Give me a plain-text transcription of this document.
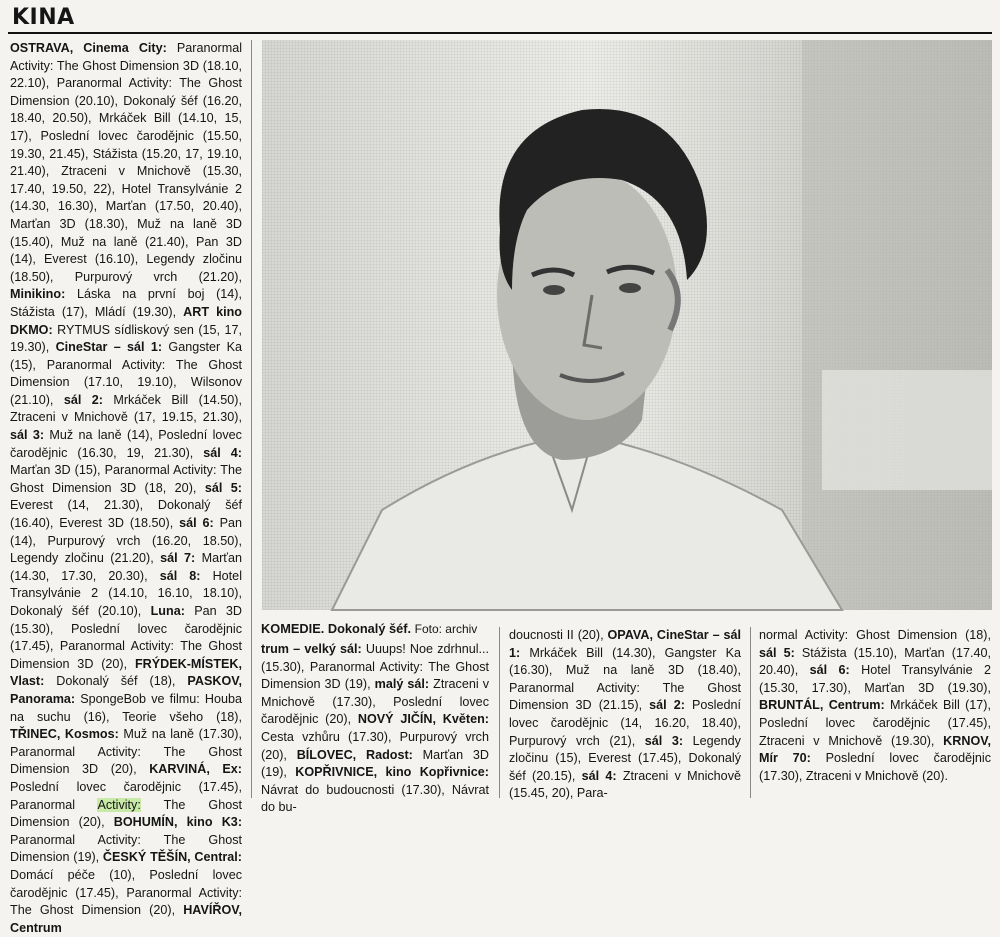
KINA
OSTRAVA, Cinema City: Paranormal Activity: The Ghost Dimension 3D (18.10, 22.10), Paranormal Activity: The Ghost Dimension (20.10), Dokonalý šéf (16.20, 18.40, 20.50), Mrkáček Bill (14.10, 15, 17), Poslední lovec čarodějnic (15.50, 19.30, 21.45), Stážista (15.20, 17, 19.10, 21.40), Ztraceni v Mnichově (15.30, 17.40, 19.50, 22), Hotel Transylvánie 2 (14.30, 16.30), Marťan (17.50, 20.40), Marťan 3D (18.30), Muž na laně 3D (15.40), Muž na laně (21.40), Pan 3D (14), Everest (16.10), Legendy zločinu (18.50), Purpurový vrch (21.20), Minikino: Láska na první boj (14), Stážista (17), Mládí (19.30), ART kino DKMO: RYTMUS sídliskový sen (15, 17, 19.30), CineStar – sál 1: Gangster Ka (15), Paranormal Activity: The Ghost Dimension (17.10, 19.10), Wilsonov (21.10), sál 2: Mrkáček Bill (14.50), Ztraceni v Mnichově (17, 19.15, 21.30), sál 3: Muž na laně (14), Poslední lovec čarodějnic (16.30, 19, 21.30), sál 4: Marťan 3D (15), Paranormal Activity: The Ghost Dimension 3D (18, 20), sál 5: Everest (14, 21.30), Dokonalý šéf (16.40), Everest 3D (18.50), sál 6: Pan (14), Purpurový vrch (16.20, 18.50), Legendy zločinu (21.20), sál 7: Marťan (14.30, 17.30, 20.30), sál 8: Hotel Transylvánie 2 (14.10, 16.10, 18.10), Dokonalý šéf (20.10), Luna: Pan 3D (15.30), Poslední lovec čarodějnic (17.45), Paranormal Activity: The Ghost Dimension 3D (20), FRÝDEK-MÍSTEK, Vlast: Dokonalý šéf (18), PASKOV, Panorama: SpongeBob ve filmu: Houba na suchu (16), Teorie všeho (18), TŘINEC, Kosmos: Muž na laně (17.30), Paranormal Activity: The Ghost Dimension 3D (20), KARVINÁ, Ex: Poslední lovec čarodějnic (17.45), Paranormal Activity: The Ghost Dimension (20), BOHUMÍN, kino K3: Paranormal Activity: The Ghost Dimension (19), ČESKÝ TĚŠÍN, Central: Domácí péče (10), Poslední lovec čarodějnic (17.45), Paranormal Activity: The Ghost Dimension (20), HAVÍŘOV, Centrum
KOMEDIE. Dokonalý šéf. Foto: archiv
trum – velký sál: Uuups! Noe zdrhnul... (15.30), Paranormal Activity: The Ghost Dimension 3D (19), malý sál: Ztraceni v Mnichově (17.30), Poslední lovec čarodějnic (20), NOVÝ JIČÍN, Květen: Cesta vzhůru (17.30), Purpurový vrch (20), BÍLOVEC, Radost: Marťan 3D (19), KOPŘIVNICE, kino Kopřivnice: Návrat do budoucnosti (17.30), Návrat do bu-
doucnosti II (20), OPAVA, CineStar – sál 1: Mrkáček Bill (14.30), Gangster Ka (16.30), Muž na laně 3D (18.40), Paranormal Activity: The Ghost Dimension 3D (21.15), sál 2: Poslední lovec čarodějnic (14, 16.20, 18.40), Purpurový vrch (21), sál 3: Legendy zločinu (15), Everest (17.45), Dokonalý šéf (20.15), sál 4: Ztraceni v Mnichově (15.45, 20), Para-
normal Activity: Ghost Dimension (18), sál 5: Stážista (15.10), Marťan (17.40, 20.40), sál 6: Hotel Transylvánie 2 (15.30, 17.30), Marťan 3D (19.30), BRUNTÁL, Centrum: Mrkáček Bill (17), Poslední lovec čarodějnic (17.45), Ztraceni v Mnichově (19.30), KRNOV, Mír 70: Poslední lovec čarodějnic (17.30), Ztraceni v Mnichově (20).
